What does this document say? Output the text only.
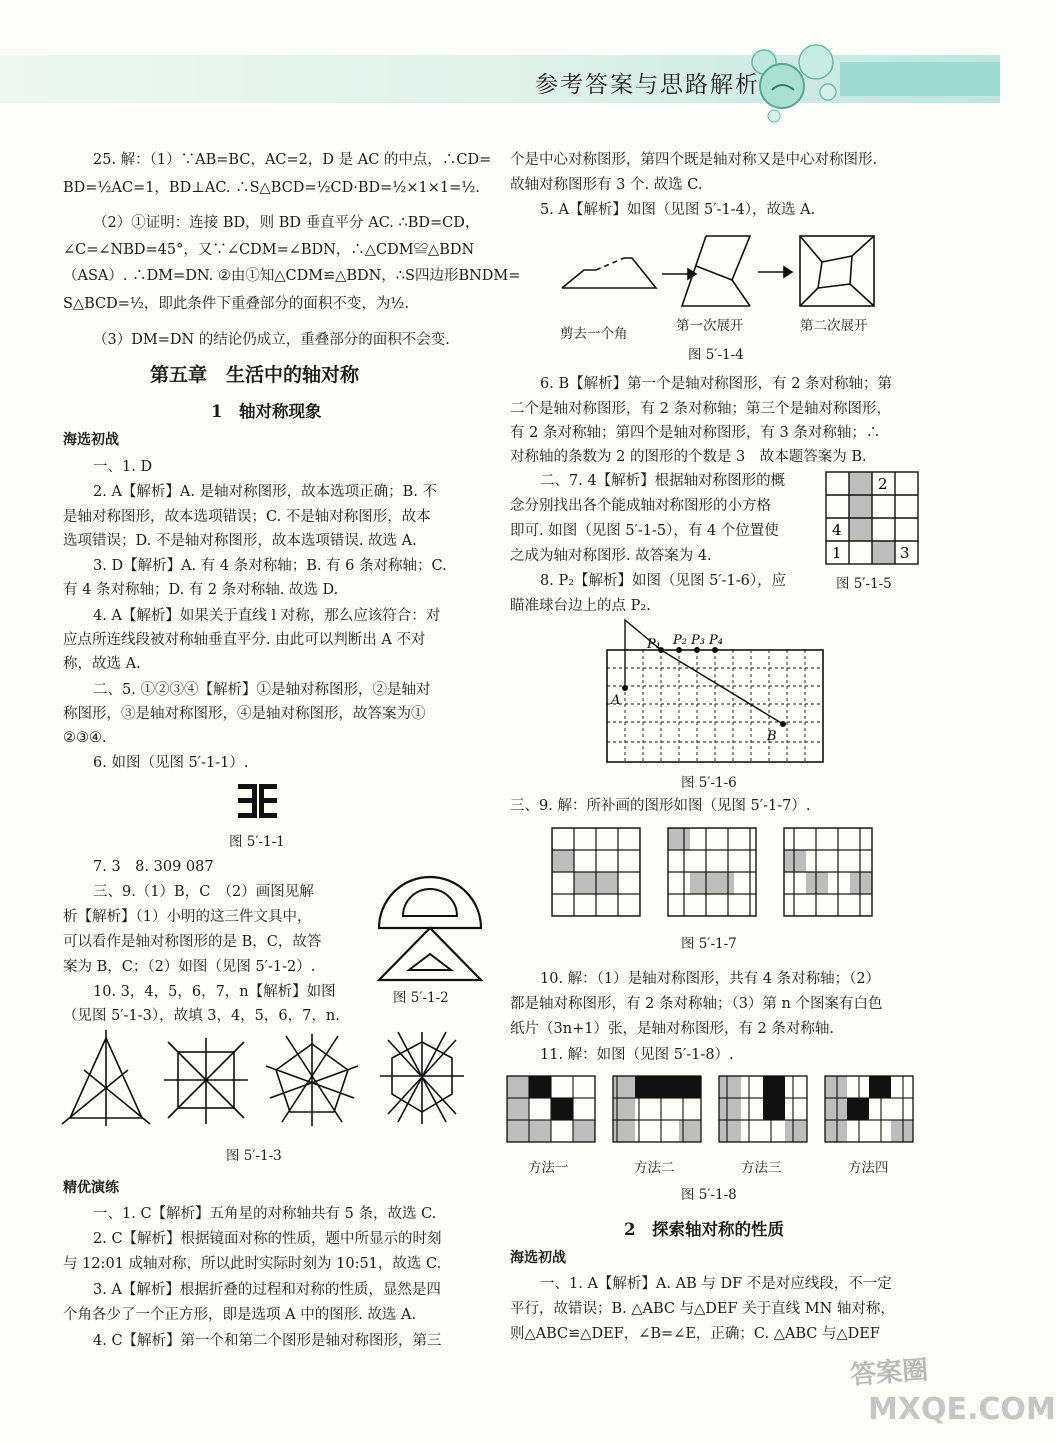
参考答案与思路解析
25. 解：（1）∵AB=BC，AC=2，D 是 AC 的中点，∴CD=
BD=½AC=1，BD⊥AC. ∴S△BCD=½CD·BD=½×1×1=½.
（2）①证明：连接 BD，则 BD 垂直平分 AC. ∴BD=CD，
∠C=∠NBD=45°，又∵∠CDM=∠BDN，∴△CDM≌△BDN
（ASA）. ∴DM=DN. ②由①知△CDM≌△BDN，∴S四边形BNDM=
S△BCD=½，即此条件下重叠部分的面积不变，为½.
（3）DM=DN 的结论仍成立，重叠部分的面积不会变.
第五章　生活中的轴对称
1　轴对称现象
海选初战
一、1. D
2. A【解析】A. 是轴对称图形，故本选项正确；B. 不
是轴对称图形，故本选项错误；C. 不是轴对称图形，故本
选项错误；D. 不是轴对称图形，故本选项错误. 故选 A.
3. D【解析】A. 有 4 条对称轴；B. 有 6 条对称轴；C.
有 4 条对称轴；D. 有 2 条对称轴. 故选 D.
4. A【解析】如果关于直线 l 对称，那么应该符合：对
应点所连线段被对称轴垂直平分. 由此可以判断出 A 不对
称，故选 A.
二、5. ①②③④【解析】①是轴对称图形，②是轴对
称图形，③是轴对称图形，④是轴对称图形，故答案为①
②③④.
6. 如图（见图 5′-1-1）.
图 5′-1-1
7. 3　8. 309 087
三、9.（1）B，C　（2）画图见解
析【解析】（1）小明的这三件文具中，
可以看作是轴对称图形的是 B，C，故答
案为 B，C；（2）如图（见图 5′-1-2）.
10. 3，4，5，6，7，n【解析】如图
（见图 5′-1-3），故填 3，4，5，6，7，n.
图 5′-1-2
图 5′-1-3
精优演练
一、1. C【解析】五角星的对称轴共有 5 条，故选 C.
2. C【解析】根据镜面对称的性质，题中所显示的时刻
与 12:01 成轴对称，所以此时实际时刻为 10:51，故选 C.
3. A【解析】根据折叠的过程和对称的性质，显然是四
个角各少了一个正方形，即是选项 A 中的图形. 故选 A.
4. C【解析】第一个和第二个图形是轴对称图形，第三
个是中心对称图形，第四个既是轴对称又是中心对称图形.
故轴对称图形有 3 个. 故选 C.
5. A【解析】如图（见图 5′-1-4），故选 A.
剪去一个角	第一次展开	第二次展开
图 5′-1-4
6. B【解析】第一个是轴对称图形，有 2 条对称轴；第
二个是轴对称图形，有 2 条对称轴；第三个是轴对称图形，
有 2 条对称轴；第四个是轴对称图形，有 3 条对称轴；∴
对称轴的条数为 2 的图形的个数是 3　故本题答案为 B.
二、7. 4【解析】根据轴对称图形的概
念分别找出各个能成轴对称图形的小方格
即可. 如图（见图 5′-1-5），有 4 个位置使
之成为轴对称图形. 故答案为 4.
8. P₂【解析】如图（见图 5′-1-6），应
瞄准球台边上的点 P₂.
2
4
1	3
图 5′-1-5
P₁ P₂ P₃ P₄
A
B
图 5′-1-6
三、9. 解：所补画的图形如图（见图 5′-1-7）.
图 5′-1-7
10. 解：（1）是轴对称图形，共有 4 条对称轴；（2）
都是轴对称图形，有 2 条对称轴；（3）第 n 个图案有白色
纸片（3n+1）张，是轴对称图形，有 2 条对称轴.
11. 解：如图（见图 5′-1-8）.
方法一	方法二	方法三	方法四
图 5′-1-8
2　探索轴对称的性质
海选初战
一、1. A【解析】A. AB 与 DF 不是对应线段，不一定
平行，故错误；B. △ABC 与△DEF 关于直线 MN 轴对称，
则△ABC≌△DEF，∠B=∠E，正确；C. △ABC 与△DEF
答案圈
MXQE.COM
